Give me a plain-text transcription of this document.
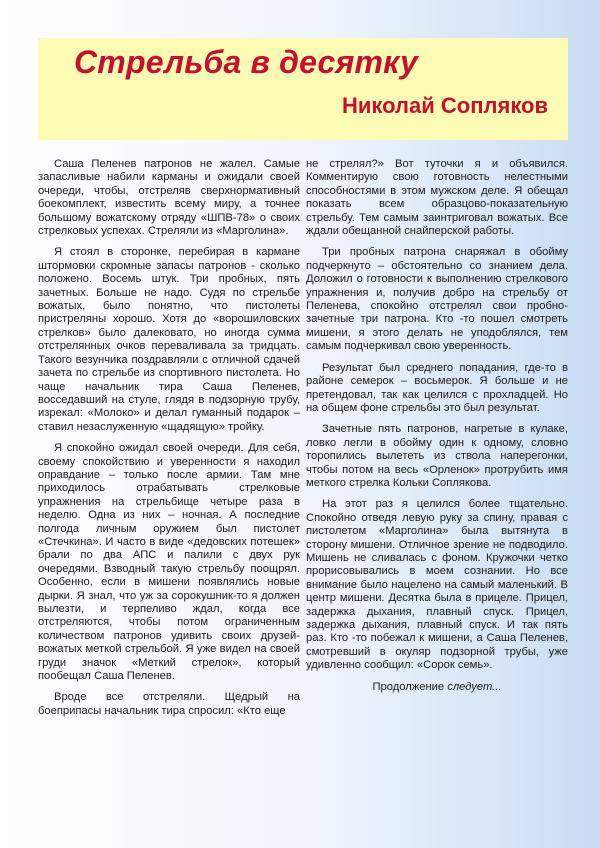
Стрельба в десятку
Николай Сопляков

Саша Пеленев патронов не жалел. Самые запасливые набили карманы и ожидали своей очереди, чтобы, отстреляв сверхнормативный боекомплект, известить всему миру, а точнее большому вожатскому отряду «ШПВ-78» о своих стрелковых успехах. Стреляли из «Марголина».

Я стоял в сторонке, перебирая в кармане штормовки скромные запасы патронов - сколько положено. Восемь штук. Три пробных, пять зачетных. Больше не надо. Судя по стрельбе вожатых, было понятно, что пистолеты пристреляны хорошо. Хотя до «ворошиловских стрелков» было далековато, но иногда сумма отстрелянных очков переваливала за тридцать. Такого везунчика поздравляли с отличной сдачей зачета по стрельбе из спортивного пистолета. Но чаще начальник тира Саша Пеленев, восседавший на стуле, глядя в подзорную трубу, изрекал: «Молоко» и делал гуманный подарок – ставил незаслуженную «щадящую» тройку.

Я спокойно ожидал своей очереди. Для себя, своему спокойствию и уверенности я находил оправдание – только после армии. Там мне приходилось отрабатывать стрелковые упражнения на стрельбище четыре раза в неделю. Одна из них – ночная. А последние полгода личным оружием был пистолет «Стечкина». И часто в виде «дедовских потешек» брали по два АПС и палили с двух рук очередями. Взводный такую стрельбу поощрял. Особенно, если в мишени появлялись новые дырки. Я знал, что уж за сорокушник-то я должен вылезти, и терпеливо ждал, когда все отстреляются, чтобы потом ограниченным количеством патронов удивить своих друзей-вожатых меткой стрельбой. Я уже видел на своей груди значок «Меткий стрелок», который пообещал Саша Пеленев.

Вроде все отстреляли. Щедрый на боеприпасы начальник тира спросил: «Кто еще

не стрелял?» Вот туточки я и объявился. Комментирую свою готовность нелестными способностями в этом мужском деле. Я обещал показать всем образцово-показательную стрельбу. Тем самым заинтриговал вожатых. Все ждали обещанной снайперской работы.

Три пробных патрона снаряжал в обойму подчеркнуто – обстоятельно со знанием дела. Доложил о готовности к выполнению стрелкового упражнения и, получив добро на стрельбу от Пеленева, спокойно отстрелял свои пробно- зачетные три патрона. Кто -то пошел смотреть мишени, я этого делать не уподоблялся, тем самым подчеркивал свою уверенность.

Результат был среднего попадания, где-то в районе семерок – восьмерок. Я больше и не претендовал, так как целился с прохладцей. Но на общем фоне стрельбы это был результат.

Зачетные пять патронов, нагретые в кулаке, ловко легли в обойму один к одному, словно торопились вылететь из ствола наперегонки, чтобы потом на весь «Орленок» протрубить имя меткого стрелка Кольки Соплякова.

На этот раз я целился более тщательно. Спокойно отведя левую руку за спину, правая с пистолетом «Марголина» была вытянута в сторону мишени. Отличное зрение не подводило. Мишень не сливалась с фоном. Кружочки четко прорисовывались в моем сознании. Но все внимание было нацелено на самый маленький. В центр мишени. Десятка была в прицеле. Прицел, задержка дыхания, плавный спуск. Прицел, задержка дыхания, плавный спуск. И так пять раз. Кто -то побежал к мишени, а Саша Пеленев, смотревший в окуляр подзорной трубы, уже удивленно сообщил: «Сорок семь».

Продолжение следует...
